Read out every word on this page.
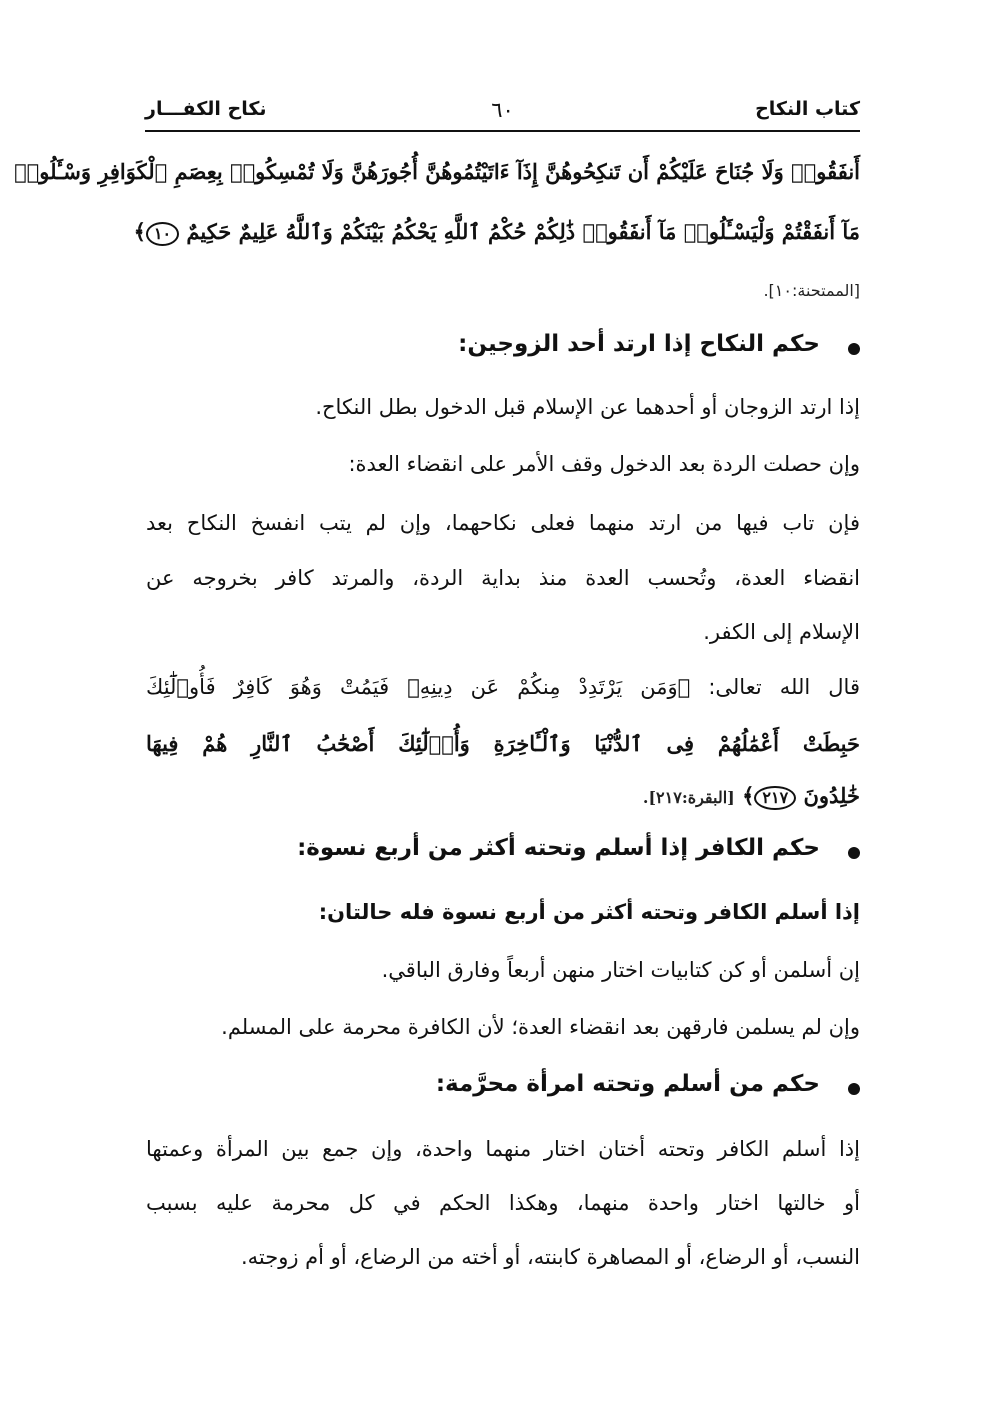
كتاب النكاح
٦٠
نكاح الكفـــار
أَنفَقُوا۟ وَلَا جُنَاحَ عَلَيْكُمْ أَن تَنكِحُوهُنَّ إِذَآ ءَاتَيْتُمُوهُنَّ أُجُورَهُنَّ وَلَا تُمْسِكُوا۟ بِعِصَمِ ٱلْكَوَافِرِ وَسْـَٔلُوا۟
مَآ أَنفَقْتُمْ وَلْيَسْـَٔلُوا۟ مَآ أَنفَقُوا۟ ذَٰلِكُمْ حُكْمُ ٱللَّهِ يَحْكُمُ بَيْنَكُمْ وَٱللَّهُ عَلِيمٌ حَكِيمٌ ١٠﴾
[الممتحنة:١٠].
حكم النكاح إذا ارتد أحد الزوجين:
إذا ارتد الزوجان أو أحدهما عن الإسلام قبل الدخول بطل النكاح.
وإن حصلت الردة بعد الدخول وقف الأمر على انقضاء العدة:
فإن تاب فيها من ارتد منهما فعلى نكاحهما، وإن لم يتب انفسخ النكاح بعد
انقضاء العدة، وتُحسب العدة منذ بداية الردة، والمرتد كافر بخروجه عن
الإسلام إلى الكفر.
قال الله تعالى: ﴿وَمَن يَرْتَدِدْ مِنكُمْ عَن دِينِهِۦ فَيَمُتْ وَهُوَ كَافِرٌ فَأُو۟لَٰٓئِكَ
حَبِطَتْ أَعْمَٰلُهُمْ فِى ٱلدُّنْيَا وَٱلْـَٔاخِرَةِ وَأُو۟لَٰٓئِكَ أَصْحَٰبُ ٱلنَّارِ هُمْ فِيهَا
خَٰلِدُونَ ٢١٧﴾ [البقرة:٢١٧].
حكم الكافر إذا أسلم وتحته أكثر من أربع نسوة:
إذا أسلم الكافر وتحته أكثر من أربع نسوة فله حالتان:
إن أسلمن أو كن كتابيات اختار منهن أربعاً وفارق الباقي.
وإن لم يسلمن فارقهن بعد انقضاء العدة؛ لأن الكافرة محرمة على المسلم.
حكم من أسلم وتحته امرأة محرَّمة:
إذا أسلم الكافر وتحته أختان اختار منهما واحدة، وإن جمع بين المرأة وعمتها
أو خالتها اختار واحدة منهما، وهكذا الحكم في كل محرمة عليه بسبب
النسب، أو الرضاع، أو المصاهرة كابنته، أو أخته من الرضاع، أو أم زوجته.
